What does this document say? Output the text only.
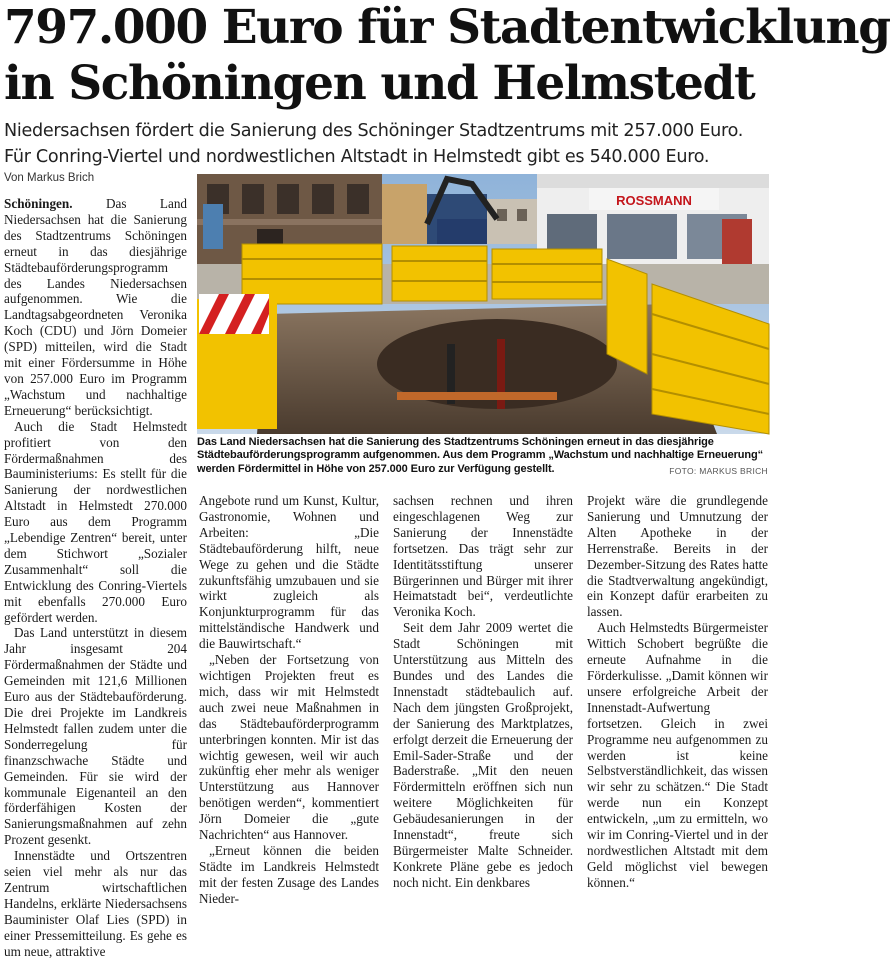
797.000 Euro für Stadtentwicklung
in Schöningen und Helmstedt
Niedersachsen fördert die Sanierung des Schöninger Stadtzentrums mit 257.000 Euro.
Für Conring-Viertel und nordwestlichen Altstadt in Helmstedt gibt es 540.000 Euro.
Von Markus Brich
ROSSMANN
Das Land Niedersachsen hat die Sanierung des Stadtzentrums Schöningen erneut in das diesjährige Städtebauförderungsprogramm aufgenommen. Aus dem Programm „Wachstum und nachhaltige Erneuerung“ werden Fördermittel in Höhe von 257.000 Euro zur Verfügung gestellt.	FOTO: MARKUS BRICH

Schöningen.	Das Land Niedersachsen hat die Sanierung des Stadtzentrums Schöningen erneut in das diesjährige Städtebauförderungsprogramm des Landes Niedersachsen aufgenommen. Wie die Landtagsabgeordneten Veronika Koch (CDU) und Jörn Domeier (SPD) mitteilen, wird die Stadt mit einer Fördersumme in Höhe von 257.000 Euro im Programm „Wachstum und nachhaltige Erneuerung“ berücksichtigt.

Auch die Stadt Helmstedt profitiert von den Fördermaßnahmen des Bauministeriums: Es stellt für die Sanierung der nordwestlichen Altstadt in Helmstedt 270.000 Euro aus dem Programm „Lebendige Zentren“ bereit, unter dem Stichwort „Sozialer Zusammenhalt“ soll die Entwicklung des Conring-Viertels mit ebenfalls 270.000 Euro gefördert werden.

Das Land unterstützt in diesem Jahr insgesamt 204 Fördermaßnahmen der Städte und Gemeinden mit 121,6 Millionen Euro aus der Städtebauförderung. Die drei Projekte im Landkreis Helmstedt fallen zudem unter die Sonderregelung für finanzschwache Städte und Gemeinden. Für sie wird der kommunale Eigenanteil an den förderfähigen Kosten der Sanierungsmaßnahmen auf zehn Prozent gesenkt.

Innenstädte und Ortszentren seien viel mehr als nur das Zentrum wirtschaftlichen Handelns, erklärte Niedersachsens Bauminister Olaf Lies (SPD) in einer Pressemitteilung. Es gehe es um neue, attraktive

Angebote rund um Kunst, Kultur, Gastronomie, Wohnen und Arbeiten: „Die Städtebauförderung hilft, neue Wege zu gehen und die Städte zukunftsfähig umzubauen und sie wirkt zugleich als Konjunkturprogramm für das mittelständische Handwerk und die Bauwirtschaft.“

„Neben der Fortsetzung von wichtigen Projekten freut es mich, dass wir mit Helmstedt auch zwei neue Maßnahmen in das Städtebauförderprogramm unterbringen konnten. Mir ist das wichtig gewesen, weil wir auch zukünftig eher mehr als weniger Unterstützung aus Hannover benötigen werden“, kommentiert Jörn Domeier die „gute Nachrichten“ aus Hannover.

„Erneut können die beiden Städte im Landkreis Helmstedt mit der festen Zusage des Landes Nieder-

sachsen rechnen und ihren eingeschlagenen Weg zur Sanierung der Innenstädte fortsetzen. Das trägt sehr zur Identitätsstiftung unserer Bürgerinnen und Bürger mit ihrer Heimatstadt bei“, verdeutlichte Veronika Koch.

Seit dem Jahr 2009 wertet die Stadt Schöningen mit Unterstützung aus Mitteln des Bundes und des Landes die Innenstadt städtebaulich auf. Nach dem jüngsten Großprojekt, der Sanierung des Marktplatzes, erfolgt derzeit die Erneuerung der Emil-Sader-Straße und der Baderstraße. „Mit den neuen Fördermitteln eröffnen sich nun weitere Möglichkeiten für Gebäudesanierungen in der Innenstadt“, freute sich Bürgermeister Malte Schneider. Konkrete Pläne gebe es jedoch noch nicht. Ein denkbares

Projekt wäre die grundlegende Sanierung und Umnutzung der Alten Apotheke in der Herrenstraße. Bereits in der Dezember-Sitzung des Rates hatte die Stadtverwaltung angekündigt, ein Konzept dafür erarbeiten zu lassen.

Auch Helmstedts Bürgermeister Wittich Schobert begrüßte die erneute Aufnahme in die Förderkulisse. „Damit können wir unsere erfolgreiche Arbeit der Innenstadt-Aufwertung fortsetzen. Gleich in zwei Programme neu aufgenommen zu werden ist keine Selbstverständlichkeit, das wissen wir sehr zu schätzen.“ Die Stadt werde nun ein Konzept entwickeln, „um zu ermitteln, wo wir im Conring-Viertel und in der nordwestlichen Altstadt mit dem Geld möglichst viel bewegen können.“
